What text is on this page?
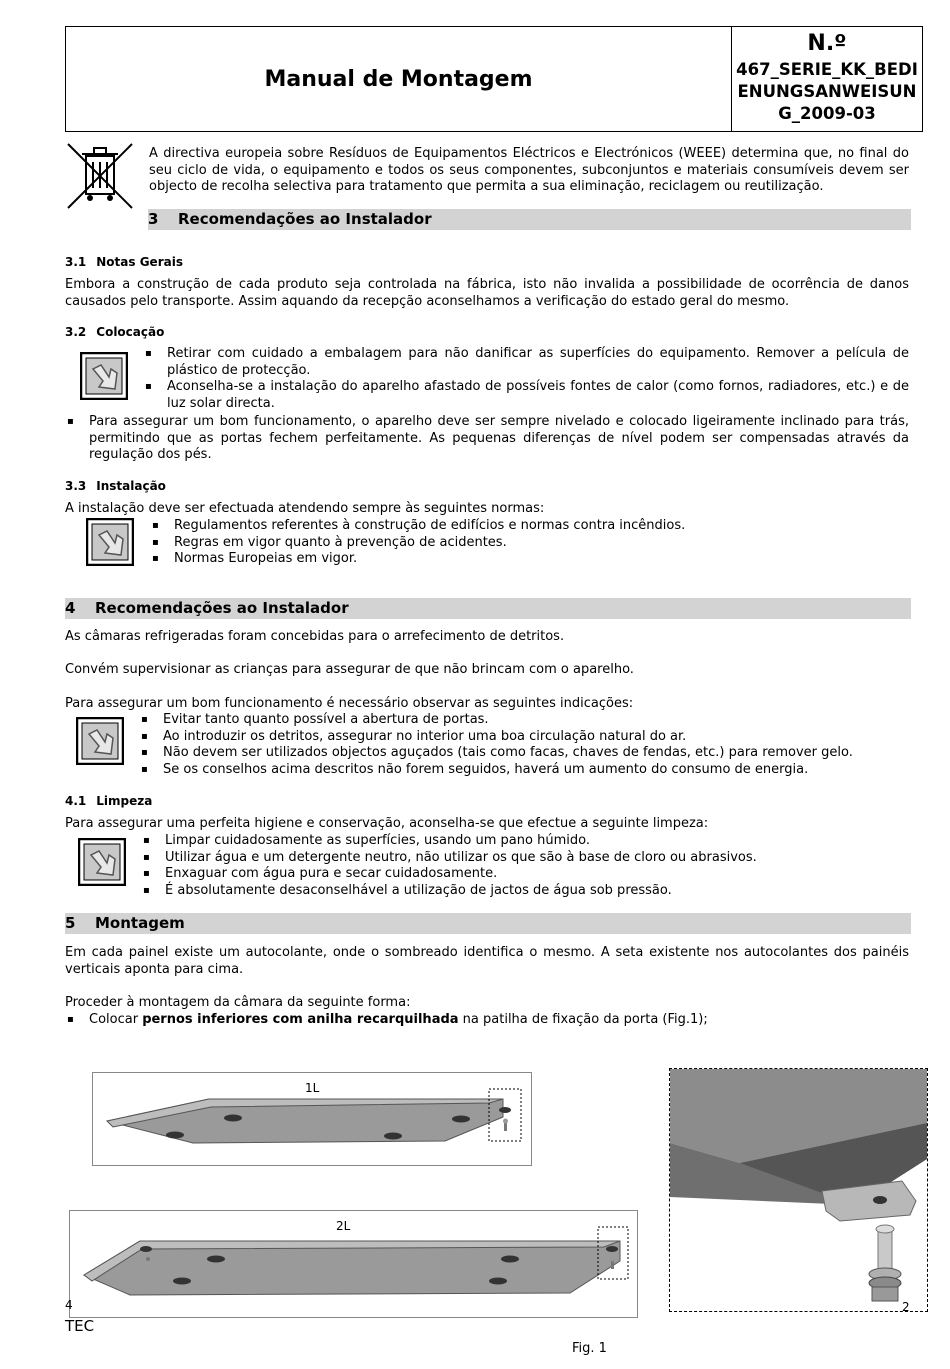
Manual de Montagem
N.º
467_SERIE_KK_BEDI
ENUNGSANWEISUN
G_2009-03
A directiva europeia sobre Resíduos de Equipamentos Eléctricos e Electrónicos (WEEE) determina que, no final do seu ciclo de vida, o equipamento e todos os seus componentes, subconjuntos e materiais consumíveis devem ser objecto de recolha selectiva para tratamento que permita a sua eliminação, reciclagem ou reutilização.
3 Recomendações ao Instalador
3.1 Notas Gerais
Embora a construção de cada produto seja controlada na fábrica, isto não invalida a possibilidade de ocorrência de danos causados pelo transporte. Assim aquando da recepção aconselhamos a verificação do estado geral do mesmo.
3.2 Colocação
▪ Retirar com cuidado a embalagem para não danificar as superfícies do equipamento. Remover a película de plástico de protecção.
▪ Aconselha-se a instalação do aparelho afastado de possíveis fontes de calor (como fornos, radiadores, etc.) e de luz solar directa.
▪ Para assegurar um bom funcionamento, o aparelho deve ser sempre nivelado e colocado ligeiramente inclinado para trás, permitindo que as portas fechem perfeitamente. As pequenas diferenças de nível podem ser compensadas através da regulação dos pés.
3.3 Instalação
A instalação deve ser efectuada atendendo sempre às seguintes normas:
▪ Regulamentos referentes à construção de edifícios e normas contra incêndios.
▪ Regras em vigor quanto à prevenção de acidentes.
▪ Normas Europeias em vigor.
4 Recomendações ao Instalador
As câmaras refrigeradas foram concebidas para o arrefecimento de detritos.
Convém supervisionar as crianças para assegurar de que não brincam com o aparelho.
Para assegurar um bom funcionamento é necessário observar as seguintes indicações:
▪ Evitar tanto quanto possível a abertura de portas.
▪ Ao introduzir os detritos, assegurar no interior uma boa circulação natural do ar.
▪ Não devem ser utilizados objectos aguçados (tais como facas, chaves de fendas, etc.) para remover gelo.
▪ Se os conselhos acima descritos não forem seguidos, haverá um aumento do consumo de energia.
4.1 Limpeza
Para assegurar uma perfeita higiene e conservação, aconselha-se que efectue a seguinte limpeza:
▪ Limpar cuidadosamente as superfícies, usando um pano húmido.
▪ Utilizar água e um detergente neutro, não utilizar os que são à base de cloro ou abrasivos.
▪ Enxaguar com água pura e secar cuidadosamente.
▪ É absolutamente desaconselhável a utilização de jactos de água sob pressão.
5 Montagem
Em cada painel existe um autocolante, onde o sombreado identifica o mesmo. A seta existente nos autocolantes dos painéis verticais aponta para cima.
Proceder à montagem da câmara da seguinte forma:
▪ Colocar pernos inferiores com anilha recarquilhada na patilha de fixação da porta (Fig.1);
1L
2L
4
TEC
2
Fig. 1
